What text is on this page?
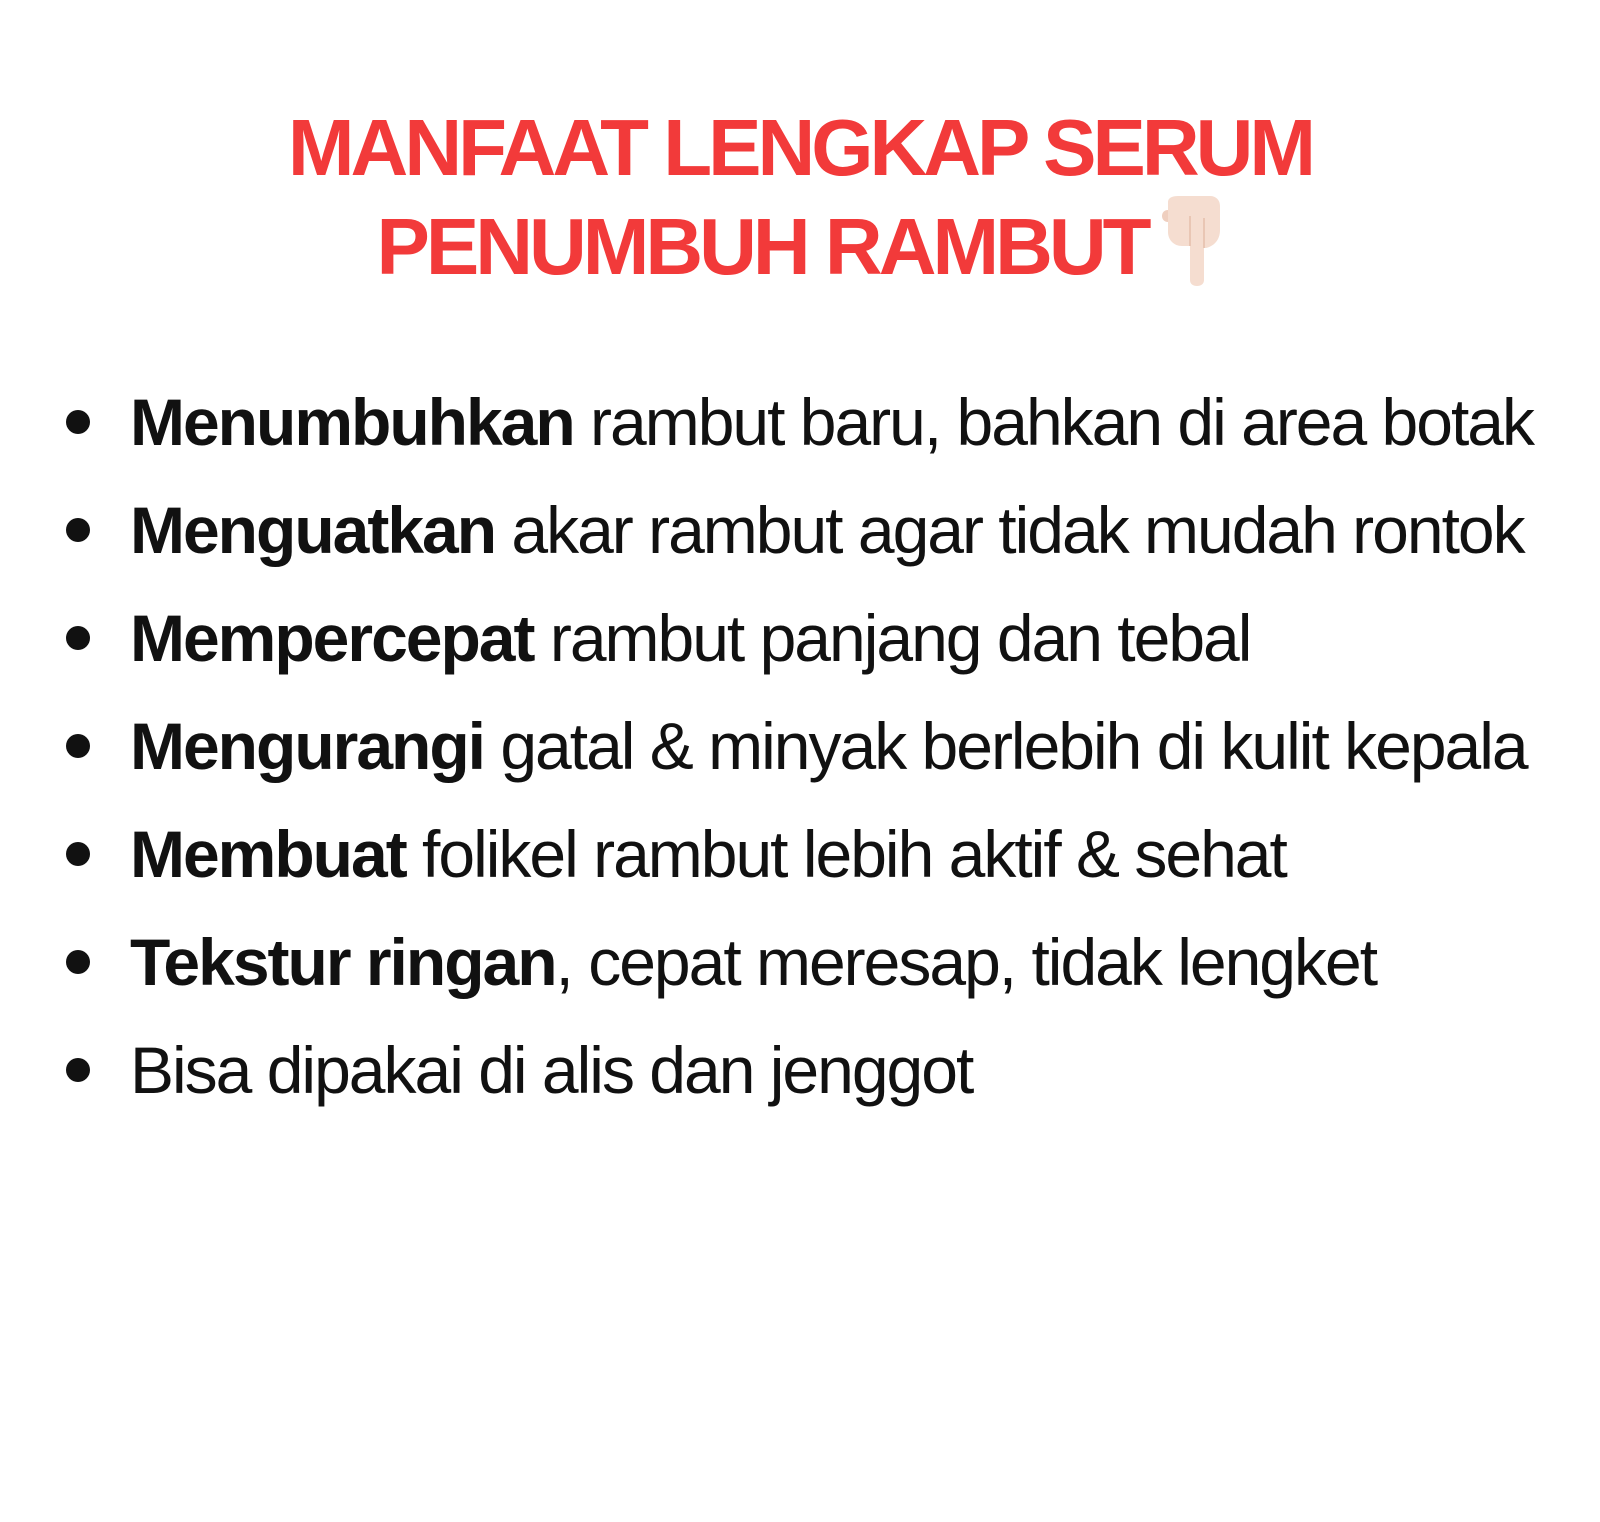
MANFAAT LENGKAP SERUM
PENUMBUH RAMBUT
Menumbuhkan rambut baru, bahkan di area botak
Menguatkan akar rambut agar tidak mudah rontok
Mempercepat rambut panjang dan tebal
Mengurangi gatal & minyak berlebih di kulit kepala
Membuat folikel rambut lebih aktif & sehat
Tekstur ringan, cepat meresap, tidak lengket
Bisa dipakai di alis dan jenggot
